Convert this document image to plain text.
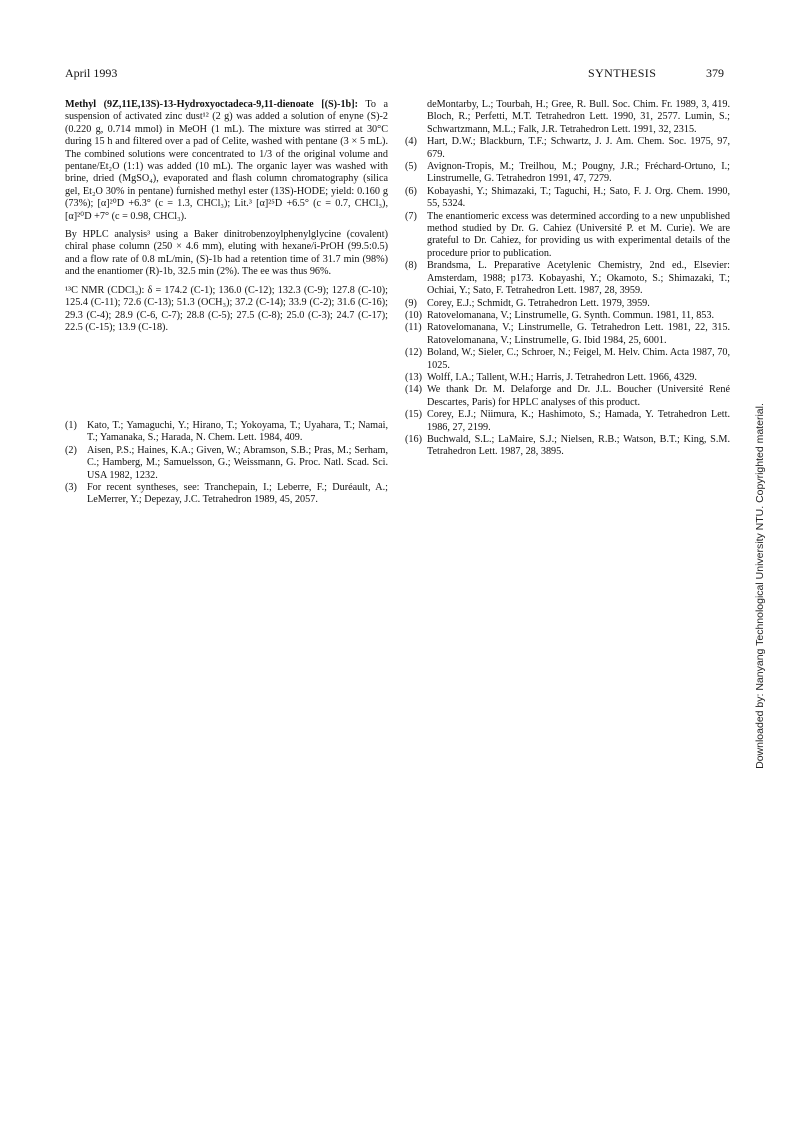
April 1993	SYNTHESIS	379

Methyl (9Z,11E,13S)-13-Hydroxyoctadeca-9,11-dienoate [(S)-1b]: To a suspension of activated zinc dust¹² (2 g) was added a solution of enyne (S)-2 (0.220 g, 0.714 mmol) in MeOH (1 mL). The mixture was stirred at 30°C during 15 h and filtered over a pad of Celite, washed with pentane (3 × 5 mL). The combined solutions were concentrated to 1/3 of the original volume and pentane/Et₂O (1:1) was added (10 mL). The organic layer was washed with brine, dried (MgSO₄), evaporated and flash column chromatography (silica gel, Et₂O 30% in pentane) furnished methyl ester (13S)-HODE; yield: 0.160 g (73%); [α]²⁰D +6.3° (c = 1.3, CHCl₃); Lit.³ [α]²⁵D +6.5° (c = 0.7, CHCl₃), [α]²⁰D +7° (c = 0.98, CHCl₃).

By HPLC analysis³ using a Baker dinitrobenzoylphenylglycine (covalent) chiral phase column (250 × 4.6 mm), eluting with hexane/i-PrOH (99.5:0.5) and a flow rate of 0.8 mL/min, (S)-1b had a retention time of 31.7 min (98%) and the enantiomer (R)-1b, 32.5 min (2%). The ee was thus 96%.

¹³C NMR (CDCl₃): δ = 174.2 (C-1); 136.0 (C-12); 132.3 (C-9); 127.8 (C-10); 125.4 (C-11); 72.6 (C-13); 51.3 (OCH₃); 37.2 (C-14); 33.9 (C-2); 31.6 (C-16); 29.3 (C-4); 28.9 (C-6, C-7); 28.8 (C-5); 27.5 (C-8); 25.0 (C-3); 24.7 (C-17); 22.5 (C-15); 13.9 (C-18).

(1) Kato, T.; Yamaguchi, Y.; Hirano, T.; Yokoyama, T.; Uyahara, T.; Namai, T.; Yamanaka, S.; Harada, N. Chem. Lett. 1984, 409.

(2) Aisen, P.S.; Haines, K.A.; Given, W.; Abramson, S.B.; Pras, M.; Serham, C.; Hamberg, M.; Samuelsson, G.; Weissmann, G. Proc. Natl. Scad. Sci. USA 1982, 1232.

(3) For recent syntheses, see: Tranchepain, I.; Leberre, F.; Duréault, A.; LeMerrer, Y.; Depezay, J.C. Tetrahedron 1989, 45, 2057.

deMontarby, L.; Tourbah, H.; Gree, R. Bull. Soc. Chim. Fr. 1989, 3, 419. Bloch, R.; Perfetti, M.T. Tetrahedron Lett. 1990, 31, 2577. Lumin, S.; Schwartzmann, M.L.; Falk, J.R. Tetrahedron Lett. 1991, 32, 2315.

(4) Hart, D.W.; Blackburn, T.F.; Schwartz, J. J. Am. Chem. Soc. 1975, 97, 679.

(5) Avignon-Tropis, M.; Treilhou, M.; Pougny, J.R.; Fréchard-Ortuno, I.; Linstrumelle, G. Tetrahedron 1991, 47, 7279.

(6) Kobayashi, Y.; Shimazaki, T.; Taguchi, H.; Sato, F. J. Org. Chem. 1990, 55, 5324.

(7) The enantiomeric excess was determined according to a new unpublished method studied by Dr. G. Cahiez (Université P. et M. Curie). We are grateful to Dr. Cahiez, for providing us with experimental details of the procedure prior to publication.

(8) Brandsma, L. Preparative Acetylenic Chemistry, 2nd ed., Elsevier: Amsterdam, 1988; p173. Kobayashi, Y.; Okamoto, S.; Shimazaki, T.; Ochiai, Y.; Sato, F. Tetrahedron Lett. 1987, 28, 3959.

(9) Corey, E.J.; Schmidt, G. Tetrahedron Lett. 1979, 3959.

(10) Ratovelomanana, V.; Linstrumelle, G. Synth. Commun. 1981, 11, 853.

(11) Ratovelomanana, V.; Linstrumelle, G. Tetrahedron Lett. 1981, 22, 315. Ratovelomanana, V.; Linstrumelle, G. Ibid 1984, 25, 6001.

(12) Boland, W.; Sieler, C.; Schroer, N.; Feigel, M. Helv. Chim. Acta 1987, 70, 1025.

(13) Wolff, I.A.; Tallent, W.H.; Harris, J. Tetrahedron Lett. 1966, 4329.

(14) We thank Dr. M. Delaforge and Dr. J.L. Boucher (Université René Descartes, Paris) for HPLC analyses of this product.

(15) Corey, E.J.; Niimura, K.; Hashimoto, S.; Hamada, Y. Tetrahedron Lett. 1986, 27, 2199.

(16) Buchwald, S.L.; LaMaire, S.J.; Nielsen, R.B.; Watson, B.T.; King, S.M. Tetrahedron Lett. 1987, 28, 3895.	Downloaded by: Nanyang Technological University NTU. Copyrighted material.
